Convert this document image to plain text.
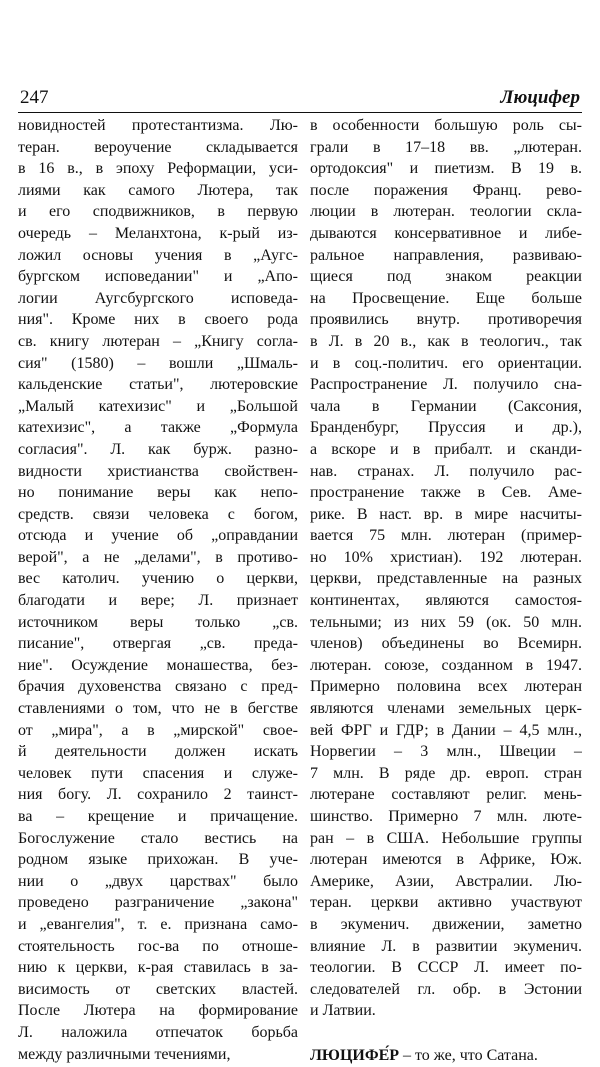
247	Люцифер
новидностей протестантизма. Лю-
теран. вероучение складывается
в 16 в., в эпоху Реформации, уси-
лиями как самого Лютера, так
и его сподвижников, в первую
очередь – Меланхтона, к-рый из-
ложил основы учения в „Аугс-
бургском исповедании" и „Апо-
логии Аугсбургского исповеда-
ния". Кроме них в своего рода
св. книгу лютеран – „Книгу согла-
сия" (1580) – вошли „Шмаль-
кальденские статьи", лютеровские
„Малый катехизис" и „Большой
катехизис", а также „Формула
согласия". Л. как бурж. разно-
видности христианства свойствен-
но понимание веры как непо-
средств. связи человека с богом,
отсюда и учение об „оправдании
верой", а не „делами", в противо-
вес католич. учению о церкви,
благодати и вере; Л. признает
источником веры только „св.
писание", отвергая „св. преда-
ние". Осуждение монашества, без-
брачия духовенства связано с пред-
ставлениями о том, что не в бегстве
от „мира", а в „мирской" свое-
й деятельности должен искать
человек пути спасения и служе-
ния богу. Л. сохранило 2 таинст-
ва – крещение и причащение.
Богослужение стало вестись на
родном языке прихожан. В уче-
нии о „двух царствах" было
проведено разграничение „закона"
и „евангелия", т. е. признана само-
стоятельность гос-ва по отноше-
нию к церкви, к-рая ставилась в за-
висимость от светских властей.
После Лютера на формирование
Л. наложила отпечаток борьба
между различными течениями,
в особенности большую роль сы-
грали в 17–18 вв. „лютеран.
ортодоксия" и пиетизм. В 19 в.
после поражения Франц. рево-
люции в лютеран. теологии скла-
дываются консервативное и либе-
ральное направления, развиваю-
щиеся под знаком реакции
на Просвещение. Еще больше
проявились внутр. противоречия
в Л. в 20 в., как в теологич., так
и в соц.-политич. его ориентации.
Распространение Л. получило сна-
чала в Германии (Саксония,
Бранденбург, Пруссия и др.),
а вскоре и в прибалт. и сканди-
нав. странах. Л. получило рас-
пространение также в Сев. Аме-
рике. В наст. вр. в мире насчиты-
вается 75 млн. лютеран (пример-
но 10% христиан). 192 лютеран.
церкви, представленные на разных
континентах, являются самостоя-
тельными; из них 59 (ок. 50 млн.
членов) объединены во Всемирн.
лютеран. союзе, созданном в 1947.
Примерно половина всех лютеран
являются членами земельных церк-
вей ФРГ и ГДР; в Дании – 4,5 млн.,
Норвегии – 3 млн., Швеции –
7 млн. В ряде др. европ. стран
лютеране составляют религ. мень-
шинство. Примерно 7 млн. люте-
ран – в США. Небольшие группы
лютеран имеются в Африке, Юж.
Америке, Азии, Австралии. Лю-
теран. церкви активно участвуют
в экуменич. движении, заметно
влияние Л. в развитии экуменич.
теологии. В СССР Л. имеет по-
следователей гл. обр. в Эстонии
и Латвии.
ЛЮЦИФЕ́Р – то же, что Сатана.
